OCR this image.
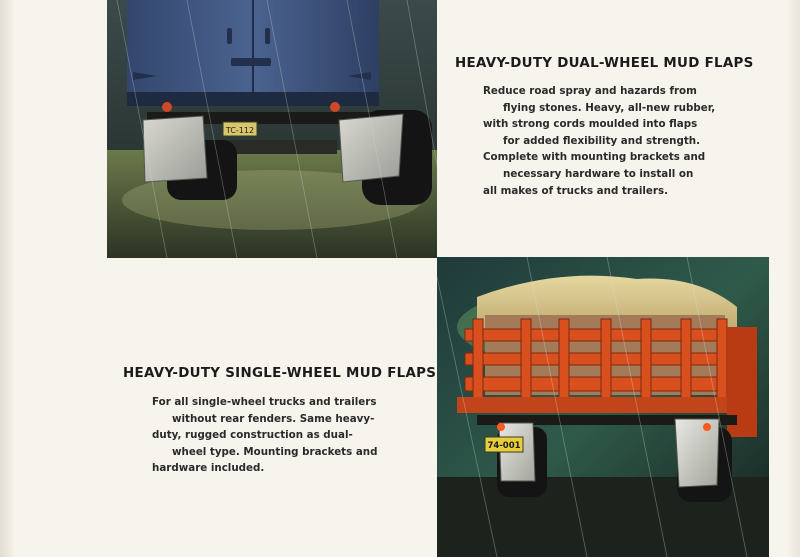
TC-112
HEAVY-DUTY DUAL-WHEEL MUD FLAPS
Reduce road spray and hazards from
flying stones. Heavy, all-new rubber,
with strong cords moulded into flaps
for added flexibility and strength.
Complete with mounting brackets and
necessary hardware to install on
all makes of trucks and trailers.
HEAVY-DUTY SINGLE-WHEEL MUD FLAPS
For all single-wheel trucks and trailers
without rear fenders. Same heavy-
duty, rugged construction as dual-
wheel type. Mounting brackets and
hardware included.
74-001
